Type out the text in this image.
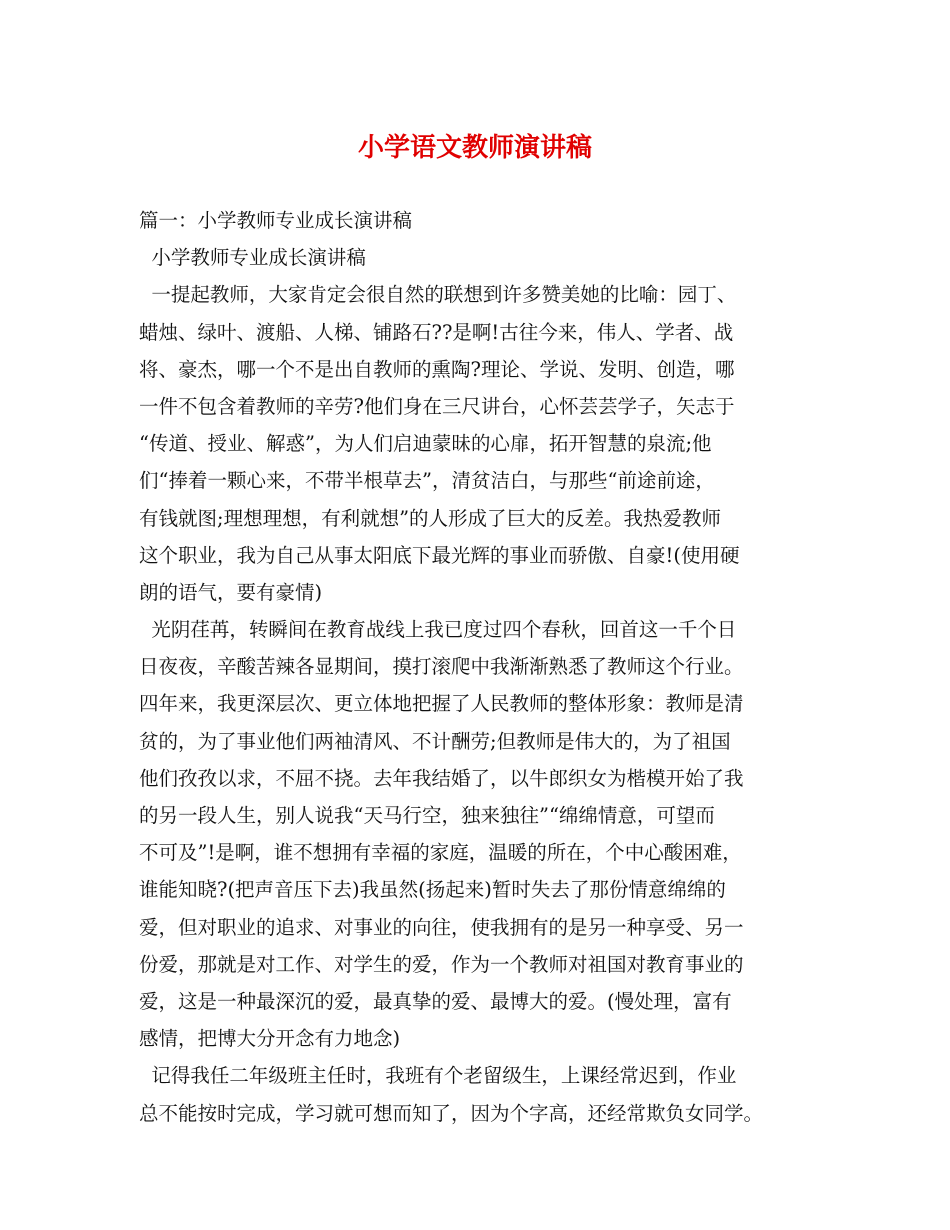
小学语文教师演讲稿
篇一：小学教师专业成长演讲稿
小学教师专业成长演讲稿
一提起教师，大家肯定会很自然的联想到许多赞美她的比喻：园丁、
蜡烛、绿叶、渡船、人梯、铺路石??是啊!古往今来，伟人、学者、战
将、豪杰，哪一个不是出自教师的熏陶?理论、学说、发明、创造，哪
一件不包含着教师的辛劳?他们身在三尺讲台，心怀芸芸学子，矢志于
“传道、授业、解惑”，为人们启迪蒙昧的心扉，拓开智慧的泉流;他
们“捧着一颗心来，不带半根草去”，清贫洁白，与那些“前途前途，
有钱就图;理想理想，有利就想”的人形成了巨大的反差。我热爱教师
这个职业，我为自己从事太阳底下最光辉的事业而骄傲、自豪!(使用硬
朗的语气，要有豪情)
光阴荏苒，转瞬间在教育战线上我已度过四个春秋，回首这一千个日
日夜夜，辛酸苦辣各显期间，摸打滚爬中我渐渐熟悉了教师这个行业。
四年来，我更深层次、更立体地把握了人民教师的整体形象：教师是清
贫的，为了事业他们两袖清风、不计酬劳;但教师是伟大的，为了祖国
他们孜孜以求，不屈不挠。去年我结婚了，以牛郎织女为楷模开始了我
的另一段人生，别人说我“天马行空，独来独往”“绵绵情意，可望而
不可及”!是啊，谁不想拥有幸福的家庭，温暖的所在，个中心酸困难，
谁能知晓?(把声音压下去)我虽然(扬起来)暂时失去了那份情意绵绵的
爱，但对职业的追求、对事业的向往，使我拥有的是另一种享受、另一
份爱，那就是对工作、对学生的爱，作为一个教师对祖国对教育事业的
爱，这是一种最深沉的爱，最真挚的爱、最博大的爱。(慢处理，富有
感情，把博大分开念有力地念)
记得我任二年级班主任时，我班有个老留级生，上课经常迟到，作业
总不能按时完成，学习就可想而知了，因为个字高，还经常欺负女同学。
